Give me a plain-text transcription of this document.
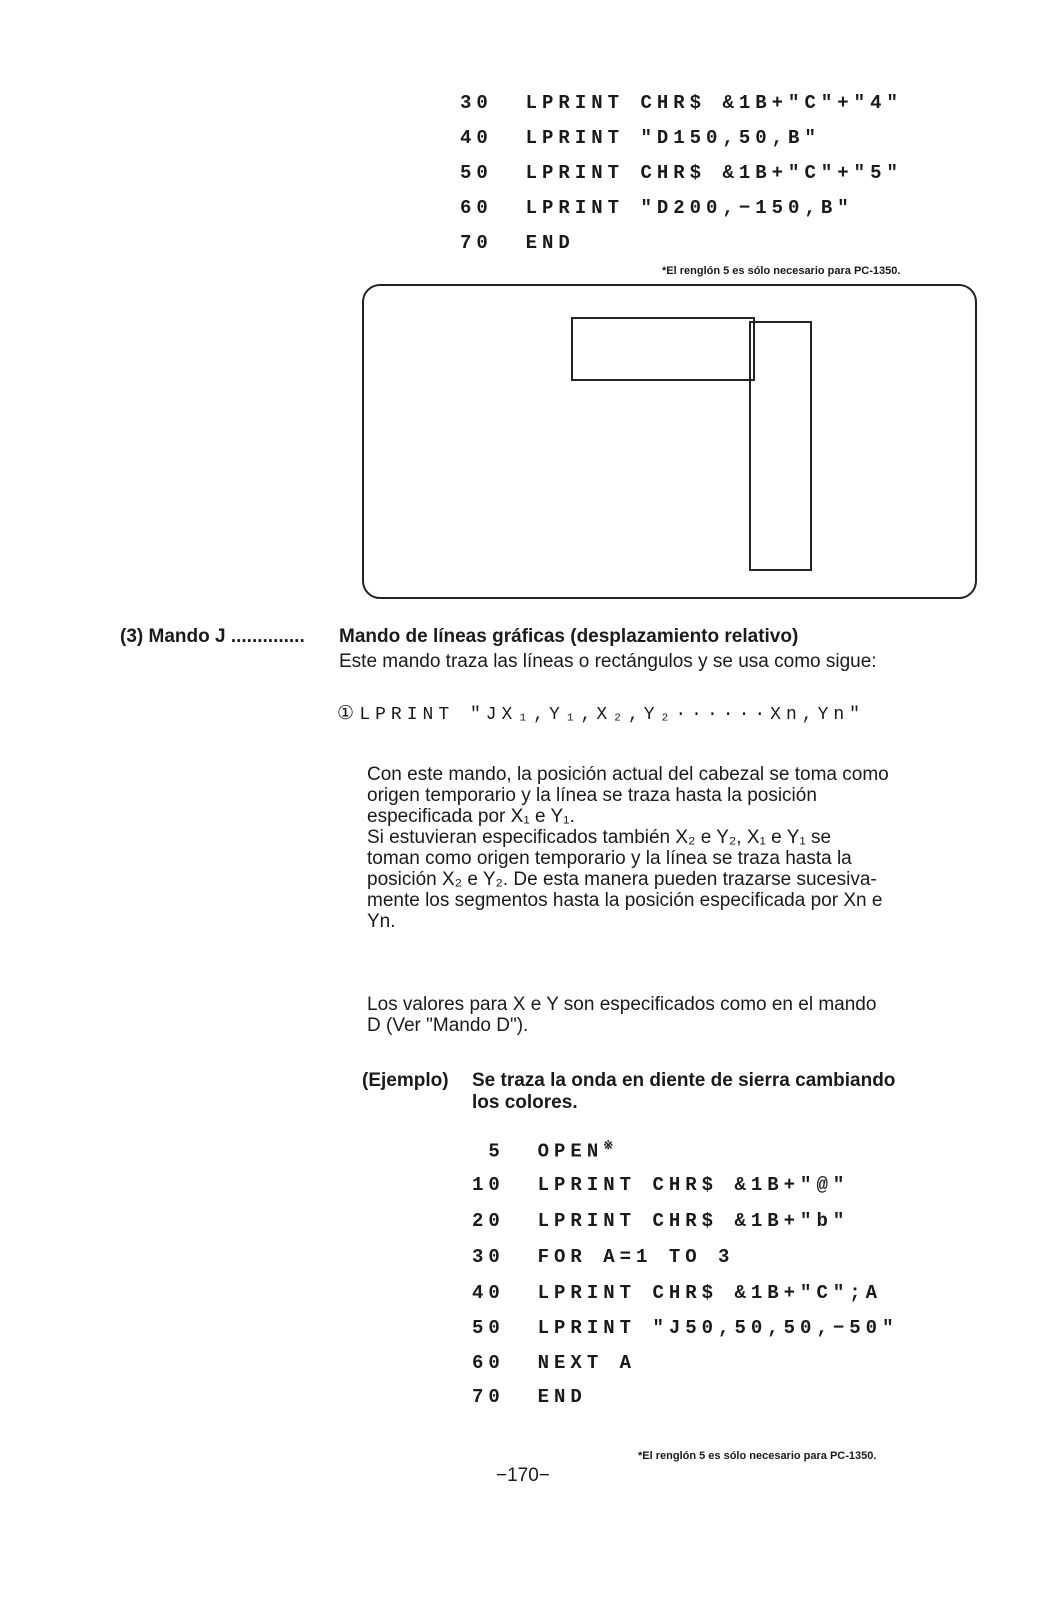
30 LPRINT CHR$ &1B+"C"+"4"
40 LPRINT "D150,50,B"
50 LPRINT CHR$ &1B+"C"+"5"
60 LPRINT "D200,−150,B"
70 END
*El renglón 5 es sólo necesario para PC-1350.
(3) Mando J .............. Mando de líneas gráficas (desplazamiento relativo)
Este mando traza las líneas o rectángulos y se usa como sigue:
① LPRINT "JX₁,Y₁,X₂,Y₂······Xn,Yn"

Con este mando, la posición actual del cabezal se toma como

origen temporario y la línea se traza hasta la posición

especificada por X₁ e Y₁.

Si estuvieran especificados también X₂ e Y₂, X₁ e Y₁ se

toman como origen temporario y la línea se traza hasta la

posición X₂ e Y₂. De esta manera pueden trazarse sucesiva-

mente los segmentos hasta la posición especificada por Xn e

Yn.

Los valores para X e Y son especificados como en el mando

D (Ver "Mando D").

(Ejemplo) Se traza la onda en diente de sierra cambiando
los colores.
5 OPEN※
10 LPRINT CHR$ &1B+"@"
20 LPRINT CHR$ &1B+"b"
30 FOR A=1 TO 3
40 LPRINT CHR$ &1B+"C";A
50 LPRINT "J50,50,50,−50"
60 NEXT A
70 END
*El renglón 5 es sólo necesario para PC-1350.
−170−
